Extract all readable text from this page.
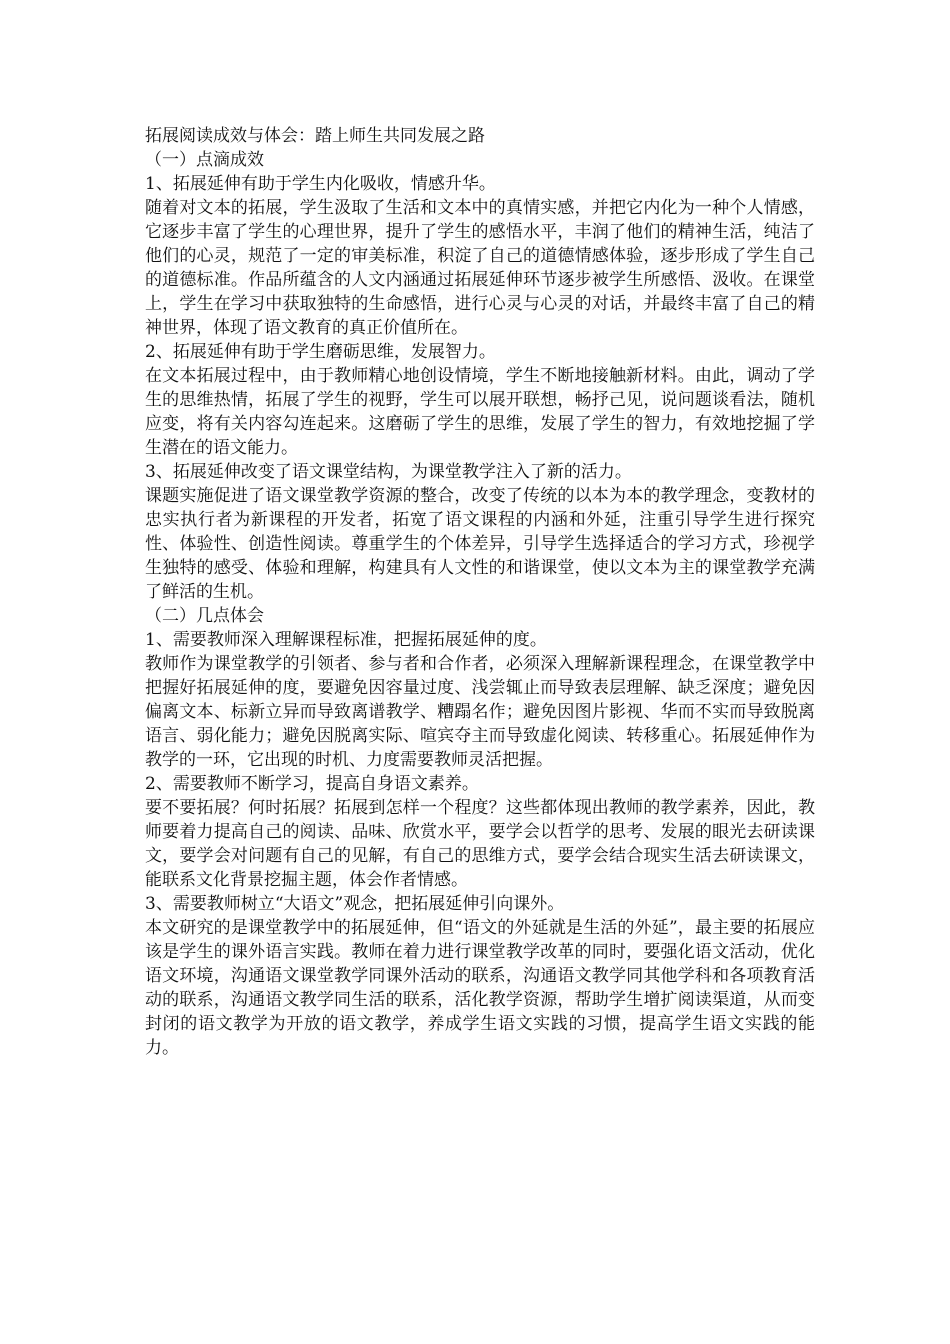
拓展阅读成效与体会：踏上师生共同发展之路

（一）点滴成效

1、拓展延伸有助于学生内化吸收，情感升华。

随着对文本的拓展，学生汲取了生活和文本中的真情实感，并把它内化为一种个人情感，它逐步丰富了学生的心理世界，提升了学生的感悟水平，丰润了他们的精神生活，纯洁了他们的心灵，规范了一定的审美标准，积淀了自己的道德情感体验，逐步形成了学生自己的道德标准。作品所蕴含的人文内涵通过拓展延伸环节逐步被学生所感悟、汲收。在课堂上，学生在学习中获取独特的生命感悟，进行心灵与心灵的对话，并最终丰富了自己的精神世界，体现了语文教育的真正价值所在。

2、拓展延伸有助于学生磨砺思维，发展智力。

在文本拓展过程中，由于教师精心地创设情境，学生不断地接触新材料。由此，调动了学生的思维热情，拓展了学生的视野，学生可以展开联想，畅抒己见，说问题谈看法，随机应变，将有关内容勾连起来。这磨砺了学生的思维，发展了学生的智力，有效地挖掘了学生潜在的语文能力。

3、拓展延伸改变了语文课堂结构，为课堂教学注入了新的活力。

课题实施促进了语文课堂教学资源的整合，改变了传统的以本为本的教学理念，变教材的忠实执行者为新课程的开发者，拓宽了语文课程的内涵和外延，注重引导学生进行探究性、体验性、创造性阅读。尊重学生的个体差异，引导学生选择适合的学习方式，珍视学生独特的感受、体验和理解，构建具有人文性的和谐课堂，使以文本为主的课堂教学充满了鲜活的生机。

（二）几点体会

1、需要教师深入理解课程标准，把握拓展延伸的度。

教师作为课堂教学的引领者、参与者和合作者，必须深入理解新课程理念，在课堂教学中把握好拓展延伸的度，要避免因容量过度、浅尝辄止而导致表层理解、缺乏深度；避免因偏离文本、标新立异而导致离谱教学、糟蹋名作；避免因图片影视、华而不实而导致脱离语言、弱化能力；避免因脱离实际、喧宾夺主而导致虚化阅读、转移重心。拓展延伸作为教学的一环，它出现的时机、力度需要教师灵活把握。

2、需要教师不断学习，提高自身语文素养。

要不要拓展？何时拓展？拓展到怎样一个程度？这些都体现出教师的教学素养，因此，教师要着力提高自己的阅读、品味、欣赏水平，要学会以哲学的思考、发展的眼光去研读课文，要学会对问题有自己的见解，有自己的思维方式，要学会结合现实生活去研读课文，能联系文化背景挖掘主题，体会作者情感。

3、需要教师树立“大语文”观念，把拓展延伸引向课外。

本文研究的是课堂教学中的拓展延伸，但“语文的外延就是生活的外延”，最主要的拓展应该是学生的课外语言实践。教师在着力进行课堂教学改革的同时，要强化语文活动，优化语文环境，沟通语文课堂教学同课外活动的联系，沟通语文教学同其他学科和各项教育活动的联系，沟通语文教学同生活的联系，活化教学资源，帮助学生增扩阅读渠道，从而变封闭的语文教学为开放的语文教学，养成学生语文实践的习惯，提高学生语文实践的能力。
